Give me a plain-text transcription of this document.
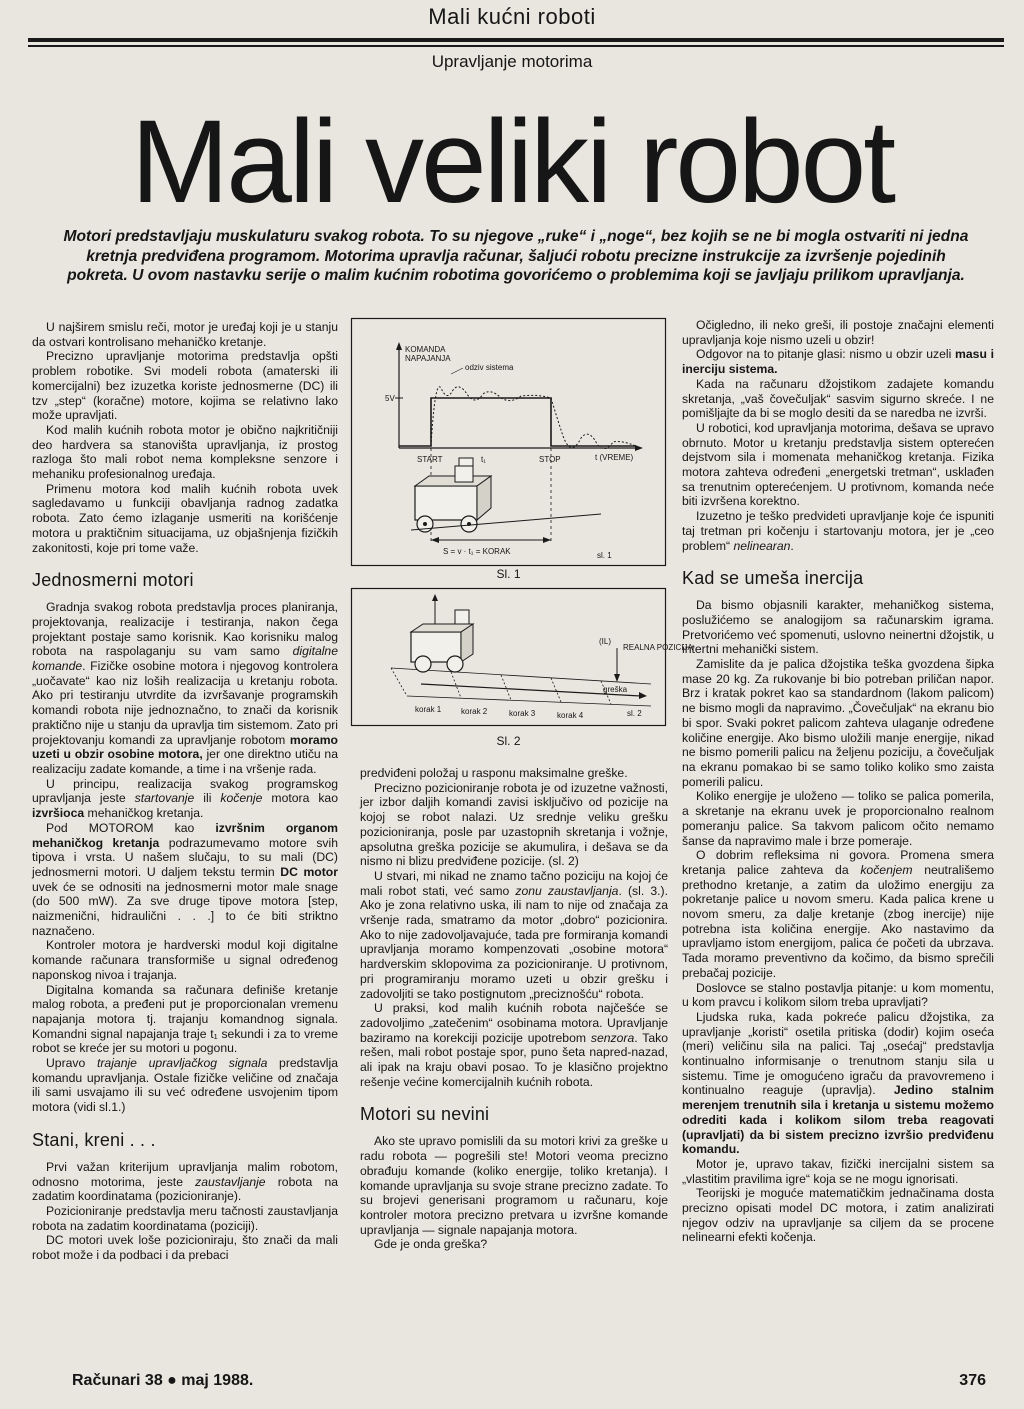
Mali kućni roboti
Upravljanje motorima
Mali veliki robot
Motori predstavljaju muskulaturu svakog robota. To su njegove „ruke“ i „noge“, bez kojih se ne bi mogla ostvariti ni jedna kretnja predviđena programom. Motorima upravlja računar, šaljući robotu precizne instrukcije za izvršenje pojedinih pokreta. U ovom nastavku serije o malim kućnim robotima govorićemo o problemima koji se javljaju prilikom upravljanja.

U najširem smislu reči, motor je uređaj koji je u stanju da ostvari kontrolisano mehaničko kretanje.

Precizno upravljanje motorima predstavlja opšti problem robotike. Svi modeli robota (amaterski ili komercijalni) bez izuzetka koriste jednosmerne (DC) ili tzv „step“ (koračne) motore, kojima se relativno lako može upravljati.

Kod malih kućnih robota motor je obično najkritičniji deo hardvera sa stanovišta upravljanja, iz prostog razloga što mali robot nema kompleksne senzore i mehaniku profesionalnog uređaja.

Primenu motora kod malih kućnih robota uvek sagledavamo u funkciji obavljanja radnog zadatka robota. Zato ćemo izlaganje usmeriti na korišćenje motora u praktičnim situacijama, uz objašnjenja fizičkih zakonitosti, koje pri tome važe.

Jednosmerni motori

Gradnja svakog robota predstavlja proces planiranja, projektovanja, realizacije i testiranja, nakon čega projektant postaje samo korisnik. Kao korisniku malog robota na raspolaganju su vam samo digitalne komande. Fizičke osobine motora i njegovog kontrolera „uočavate“ kao niz loših realizacija u kretanju robota. Ako pri testiranju utvrdite da izvršavanje programskih komandi robota nije jednoznačno, to znači da korisnik praktično nije u stanju da upravlja tim sistemom. Zato pri projektovanju komandi za upravljanje robotom moramo uzeti u obzir osobine motora, jer one direktno utiču na realizaciju zadate komande, a time i na vršenje rada.

U principu, realizacija svakog programskog upravljanja jeste startovanje ili kočenje motora kao izvršioca mehaničkog kretanja.

Pod MOTOROM kao izvršnim organom mehaničkog kretanja podrazumevamo motore svih tipova i vrsta. U našem slučaju, to su mali (DC) jednosmerni motori. U daljem tekstu termin DC motor uvek će se odnositi na jednosmerni motor male snage (do 500 mW). Za sve druge tipove motora [step, naizmenični, hidraulični . . .] to će biti striktno naznačeno.

Kontroler motora je hardverski modul koji digitalne komande računara transformiše u signal određenog naponskog nivoa i trajanja.

Digitalna komanda sa računara definiše kretanje malog robota, a pređeni put je proporcionalan vremenu napajanja motora tj. trajanju komandnog signala. Komandni signal napajanja traje t₁ sekundi i za to vreme robot se kreće jer su motori u pogonu.

Upravo trajanje upravljačkog signala predstavlja komandu upravljanja. Ostale fizičke veličine od značaja ili sami usvajamo ili su već određene usvojenim tipom motora (vidi sl.1.)

Stani, kreni . . .

Prvi važan kriterijum upravljanja malim robotom, odnosno motorima, jeste zaustavljanje robota na zadatim koordinatama (pozicioniranje).

Pozicioniranje predstavlja meru tačnosti zaustavljanja robota na zadatim koordinatama (poziciji).

DC motori uvek loše pozicioniraju, što znači da mali robot može i da podbaci i da prebaci

5V
KOMANDA
NAPAJANJA
odziv sistema
START	t₁	STOP	t (VREME)
S = v · t₁ = KORAK	sl. 1
Sl. 1
korak 1 korak 2	korak 3	korak 4
(IL)
REALNA POZICIJA
greška
sl. 2
Sl. 2

predviđeni položaj u rasponu maksimalne greške.

Precizno pozicioniranje robota je od izuzetne važnosti, jer izbor daljih komandi zavisi isključivo od pozicije na kojoj se robot nalazi. Uz srednje veliku grešku pozicioniranja, posle par uzastopnih skretanja i vožnje, apsolutna greška pozicije se akumulira, i dešava se da nismo ni blizu predviđene pozicije. (sl. 2)

U stvari, mi nikad ne znamo tačno poziciju na kojoj će mali robot stati, već samo zonu zaustavljanja. (sl. 3.). Ako je zona relativno uska, ili nam to nije od značaja za vršenje rada, smatramo da motor „dobro“ pozicionira. Ako to nije zadovoljavajuće, tada pre formiranja komandi upravljanja moramo kompenzovati „osobine motora“ hardverskim sklopovima za pozicioniranje. U protivnom, pri programiranju moramo uzeti u obzir grešku i zadovoljiti se tako postignutom „preciznošću“ robota.

U praksi, kod malih kućnih robota najčešće se zadovoljimo „zatečenim“ osobinama motora. Upravljanje baziramo na korekciji pozicije upotrebom senzora. Tako rešen, mali robot postaje spor, puno šeta napred-nazad, ali ipak na kraju obavi posao. To je klasično projektno rešenje većine komercijalnih kućnih robota.

Motori su nevini

Ako ste upravo pomislili da su motori krivi za greške u radu robota — pogrešili ste! Motori veoma precizno obrađuju komande (koliko energije, toliko kretanja). I komande upravljanja su svoje strane precizno zadate. To su brojevi generisani programom u računaru, koje kontroler motora precizno pretvara u izvršne komande upravljanja — signale napajanja motora.

Gde je onda greška?

Očigledno, ili neko greši, ili postoje značajni elementi upravljanja koje nismo uzeli u obzir!

Odgovor na to pitanje glasi: nismo u obzir uzeli masu i inerciju sistema.

Kada na računaru džojstikom zadajete komandu skretanja, „vaš čovečuljak“ sasvim sigurno skreće. I ne pomišljajte da bi se moglo desiti da se naredba ne izvrši.

U robotici, kod upravljanja motorima, dešava se upravo obrnuto. Motor u kretanju predstavlja sistem opterećen dejstvom sila i momenata mehaničkog kretanja. Fizika motora zahteva određeni „energetski tretman“, usklađen sa trenutnim opterećenjem. U protivnom, komanda neće biti izvršena korektno.

Izuzetno je teško predvideti upravljanje koje će ispuniti taj tretman pri kočenju i startovanju motora, jer je „ceo problem“ nelinearan.

Kad se umeša inercija

Da bismo objasnili karakter, mehaničkog sistema, poslužićemo se analogijom sa računarskim igrama. Pretvorićemo već spomenuti, uslovno neinertni džojstik, u intertni mehanički sistem.

Zamislite da je palica džojstika teška gvozdena šipka mase 20 kg. Za rukovanje bi bio potreban priličan napor. Brz i kratak pokret kao sa standardnom (lakom palicom) ne bismo mogli da napravimo. „Čovečuljak“ na ekranu bio bi spor. Svaki pokret palicom zahteva ulaganje određene količine energije. Ako bismo uložili manje energije, nikad ne bismo pomerili palicu na željenu poziciju, a čovečuljak na ekranu pomakao bi se samo toliko koliko smo zaista pomerili palicu.

Koliko energije je uloženo — toliko se palica pomerila, a skretanje na ekranu uvek je proporcionalno realnom pomeranju palice. Sa takvom palicom očito nemamo šanse da napravimo male i brze pomeraje.

O dobrim refleksima ni govora. Promena smera kretanja palice zahteva da kočenjem neutrališemo prethodno kretanje, a zatim da uložimo energiju za pokretanje palice u novom smeru. Kada palica krene u novom smeru, za dalje kretanje (zbog inercije) nije potrebna ista količina energije. Ako nastavimo da upravljamo istom energijom, palica će početi da ubrzava. Tada moramo preventivno da kočimo, da bismo sprečili prebačaj pozicije.

Doslovce se stalno postavlja pitanje: u kom momentu, u kom pravcu i kolikom silom treba upravljati?

Ljudska ruka, kada pokreće palicu džojstika, za upravljanje „koristi“ osetila pritiska (dodir) kojim oseća (meri) veličinu sila na palici. Taj „osećaj“ predstavlja kontinualno informisanje o trenutnom stanju sila u sistemu. Time je omogućeno igraču da pravovremeno i kontinualno reaguje (upravlja). Jedino stalnim merenjem trenutnih sila i kretanja u sistemu možemo odrediti kada i kolikom silom treba reagovati (upravljati) da bi sistem precizno izvršio predviđenu komandu.

Motor je, upravo takav, fizički inercijalni sistem sa „vlastitim pravilima igre“ koja se ne mogu ignorisati.

Teorijski je moguće matematičkim jednačinama dosta precizno opisati model DC motora, i zatim analizirati njegov odziv na upravljanje sa ciljem da se procene nelinearni efekti kočenja.

Računari 38 ● maj 1988.	376
